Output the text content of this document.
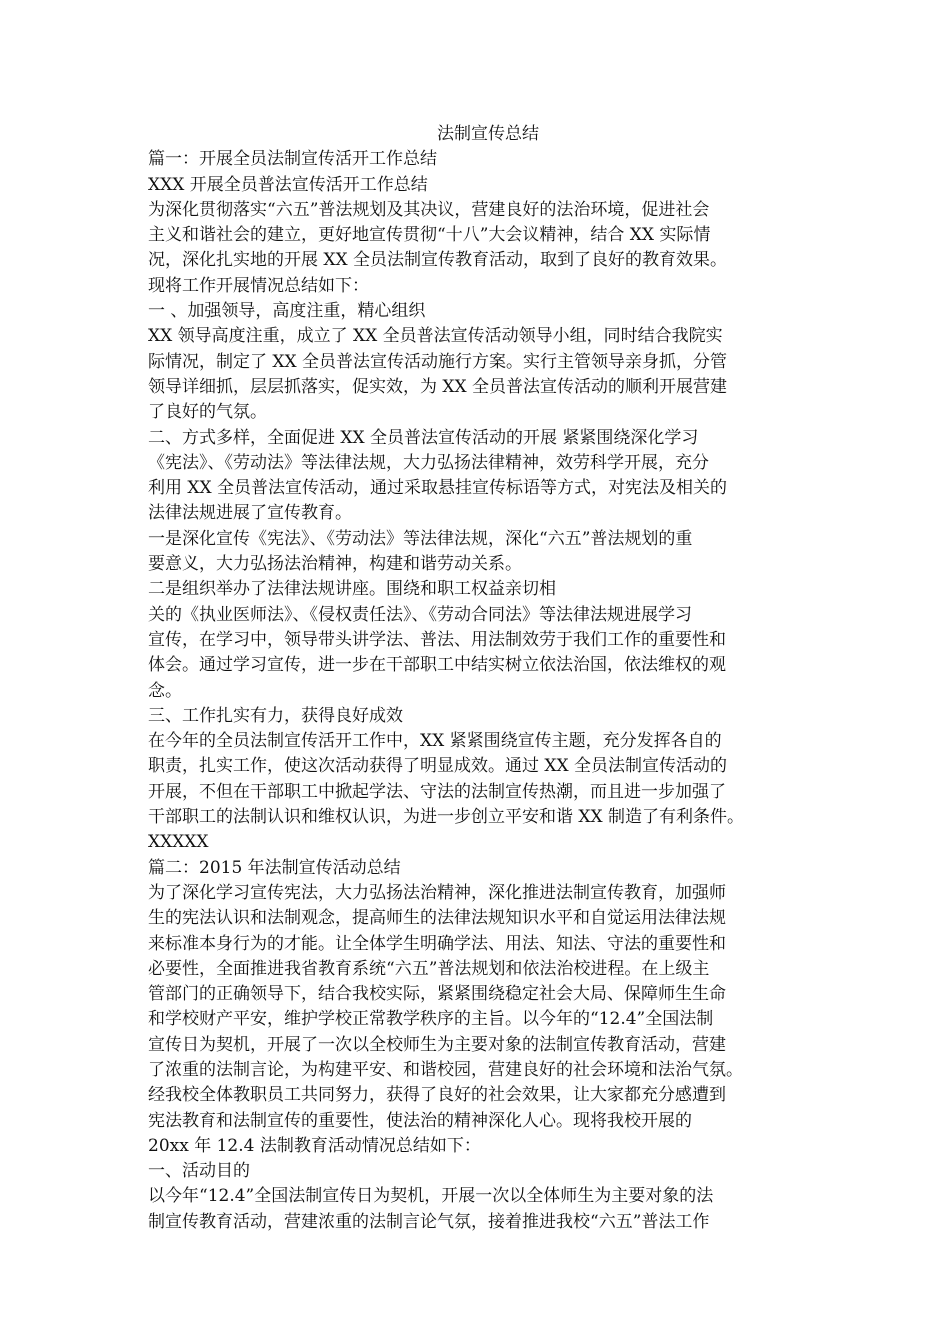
法制宣传总结

篇一：开展全员法制宣传活开工作总结

XXX 开展全员普法宣传活开工作总结

为深化贯彻落实“六五”普法规划及其决议，营建良好的法治环境，促进社会

主义和谐社会的建立，更好地宣传贯彻“十八”大会议精神，结合 XX 实际情

况，深化扎实地的开展 XX 全员法制宣传教育活动，取到了良好的教育效果。

现将工作开展情况总结如下：

一 、加强领导，高度注重，精心组织

XX 领导高度注重，成立了 XX 全员普法宣传活动领导小组，同时结合我院实

际情况，制定了 XX 全员普法宣传活动施行方案。实行主管领导亲身抓，分管

领导详细抓，层层抓落实，促实效，为 XX 全员普法宣传活动的顺利开展营建

了良好的气氛。

二、方式多样，全面促进 XX 全员普法宣传活动的开展 紧紧围绕深化学习

《宪法》、《劳动法》等法律法规，大力弘扬法律精神，效劳科学开展，充分

利用 XX 全员普法宣传活动，通过采取悬挂宣传标语等方式，对宪法及相关的

法律法规进展了宣传教育。

一是深化宣传《宪法》、《劳动法》等法律法规，深化“六五”普法规划的重

要意义，大力弘扬法治精神，构建和谐劳动关系。

二是组织举办了法律法规讲座。围绕和职工权益亲切相

关的《执业医师法》、《侵权责任法》、《劳动合同法》等法律法规进展学习

宣传，在学习中，领导带头讲学法、普法、用法制效劳于我们工作的重要性和

体会。通过学习宣传，进一步在干部职工中结实树立依法治国，依法维权的观

念。

三、工作扎实有力，获得良好成效

在今年的全员法制宣传活开工作中，XX 紧紧围绕宣传主题，充分发挥各自的

职责，扎实工作，使这次活动获得了明显成效。通过 XX 全员法制宣传活动的

开展，不但在干部职工中掀起学法、守法的法制宣传热潮，而且进一步加强了

干部职工的法制认识和维权认识，为进一步创立平安和谐 XX 制造了有利条件。

XXXXX

篇二：2015 年法制宣传活动总结

为了深化学习宣传宪法，大力弘扬法治精神，深化推进法制宣传教育，加强师

生的宪法认识和法制观念，提高师生的法律法规知识水平和自觉运用法律法规

来标准本身行为的才能。让全体学生明确学法、用法、知法、守法的重要性和

必要性，全面推进我省教育系统“六五”普法规划和依法治校进程。在上级主

管部门的正确领导下，结合我校实际，紧紧围绕稳定社会大局、保障师生生命

和学校财产平安，维护学校正常教学秩序的主旨。以今年的“12.4”全国法制

宣传日为契机，开展了一次以全校师生为主要对象的法制宣传教育活动，营建

了浓重的法制言论，为构建平安、和谐校园，营建良好的社会环境和法治气氛。

经我校全体教职员工共同努力，获得了良好的社会效果，让大家都充分感遭到

宪法教育和法制宣传的重要性，使法治的精神深化人心。现将我校开展的

20xx 年 12.4 法制教育活动情况总结如下：

一、活动目的

以今年“12.4”全国法制宣传日为契机，开展一次以全体师生为主要对象的法

制宣传教育活动，营建浓重的法制言论气氛，接着推进我校“六五”普法工作
